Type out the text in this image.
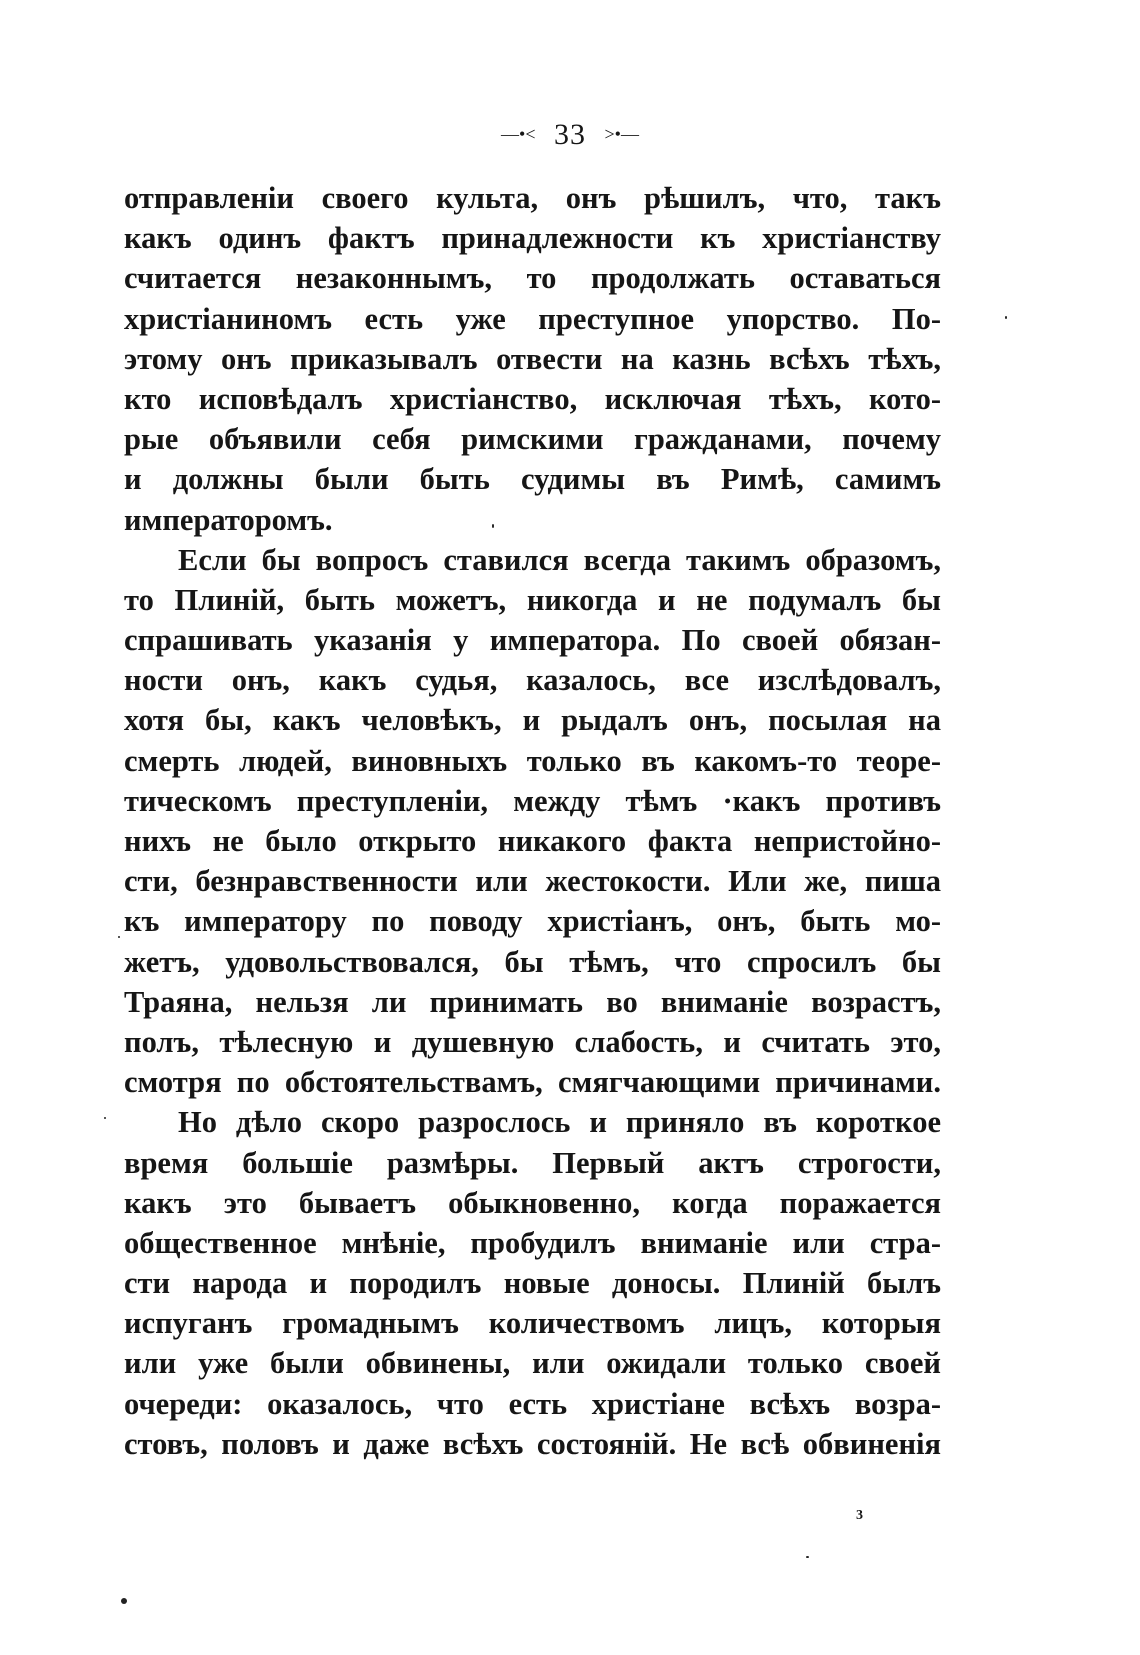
—•< 33 >•—
отправленіи своего культа, онъ рѣшилъ, что, такъ
какъ одинъ фактъ принадлежности къ христіанству
считается незаконнымъ, то продолжать оставаться
христіаниномъ есть уже преступное упорство. По-
этому онъ приказывалъ отвести на казнь всѣхъ тѣхъ,
кто исповѣдалъ христіанство, исключая тѣхъ, кото-
рые объявили себя римскими гражданами, почему
и должны были быть судимы въ Римѣ, самимъ
императоромъ.
Если бы вопросъ ставился всегда такимъ образомъ,
то Плиній, быть можетъ, никогда и не подумалъ бы
спрашивать указанія у императора. По своей обязан-
ности онъ, какъ судья, казалось, все изслѣдовалъ,
хотя бы, какъ человѣкъ, и рыдалъ онъ, посылая на
смерть людей, виновныхъ только въ какомъ-то теоре-
тическомъ преступленіи, между тѣмъ ·какъ противъ
нихъ не было открыто никакого факта непристойно-
сти, безнравственности или жестокости. Или же, пиша
къ императору по поводу христіанъ, онъ, быть мо-
жетъ, удовольствовался, бы тѣмъ, что спросилъ бы
Траяна, нельзя ли принимать во вниманіе возрастъ,
полъ, тѣлесную и душевную слабость, и считать это,
смотря по обстоятельствамъ, смягчающими причинами.
Но дѣло скоро разрослось и приняло въ короткое
время большіе размѣры. Первый актъ строгости,
какъ это бываетъ обыкновенно, когда поражается
общественное мнѣніе, пробудилъ вниманіе или стра-
сти народа и породилъ новые доносы. Плиній былъ
испуганъ громаднымъ количествомъ лицъ, которыя
или уже были обвинены, или ожидали только своей
очереди: оказалось, что есть христіане всѣхъ возра-
стовъ, половъ и даже всѣхъ состояній. Не всѣ обвиненія
3
